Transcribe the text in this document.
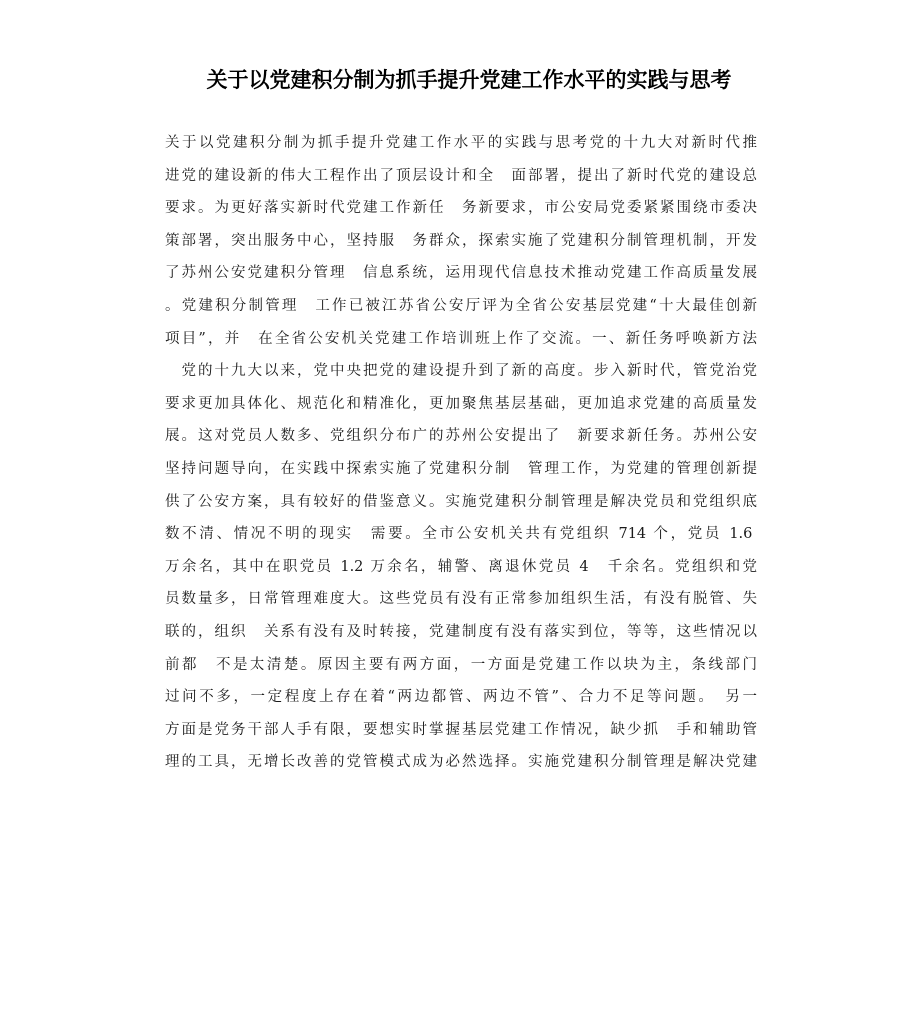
关于以党建积分制为抓手提升党建工作水平的实践与思考
关于以党建积分制为抓手提升党建工作水平的实践与思考党的十九大对新时代推
进党的建设新的伟大工程作出了顶层设计和全　面部署，提出了新时代党的建设总
要求。为更好落实新时代党建工作新任　务新要求，市公安局党委紧紧围绕市委决
策部署，突出服务中心，坚持服　务群众，探索实施了党建积分制管理机制，开发
了苏州公安党建积分管理　信息系统，运用现代信息技术推动党建工作高质量发展
。党建积分制管理　工作已被江苏省公安厅评为全省公安基层党建“十大最佳创新
项目”，并　在全省公安机关党建工作培训班上作了交流。一、新任务呼唤新方法
　党的十九大以来，党中央把党的建设提升到了新的高度。步入新时代，管党治党
要求更加具体化、规范化和精准化，更加聚焦基层基础，更加追求党建的高质量发
展。这对党员人数多、党组织分布广的苏州公安提出了　新要求新任务。苏州公安
坚持问题导向，在实践中探索实施了党建积分制　管理工作，为党建的管理创新提
供了公安方案，具有较好的借鉴意义。实施党建积分制管理是解决党员和党组织底
数不清、情况不明的现实　需要。全市公安机关共有党组织 714 个，党员 1.6
万余名，其中在职党员 1.2 万余名，辅警、离退休党员 4　千余名。党组织和党
员数量多，日常管理难度大。这些党员有没有正常参加组织生活，有没有脱管、失
联的，组织　关系有没有及时转接，党建制度有没有落实到位，等等，这些情况以
前都　不是太清楚。原因主要有两方面，一方面是党建工作以块为主，条线部门
过问不多，一定程度上存在着“两边都管、两边不管”、合力不足等问题。　另一
方面是党务干部人手有限，要想实时掌握基层党建工作情况，缺少抓　手和辅助管
理的工具，无增长改善的党管模式成为必然选择。实施党建积分制管理是解决党建
